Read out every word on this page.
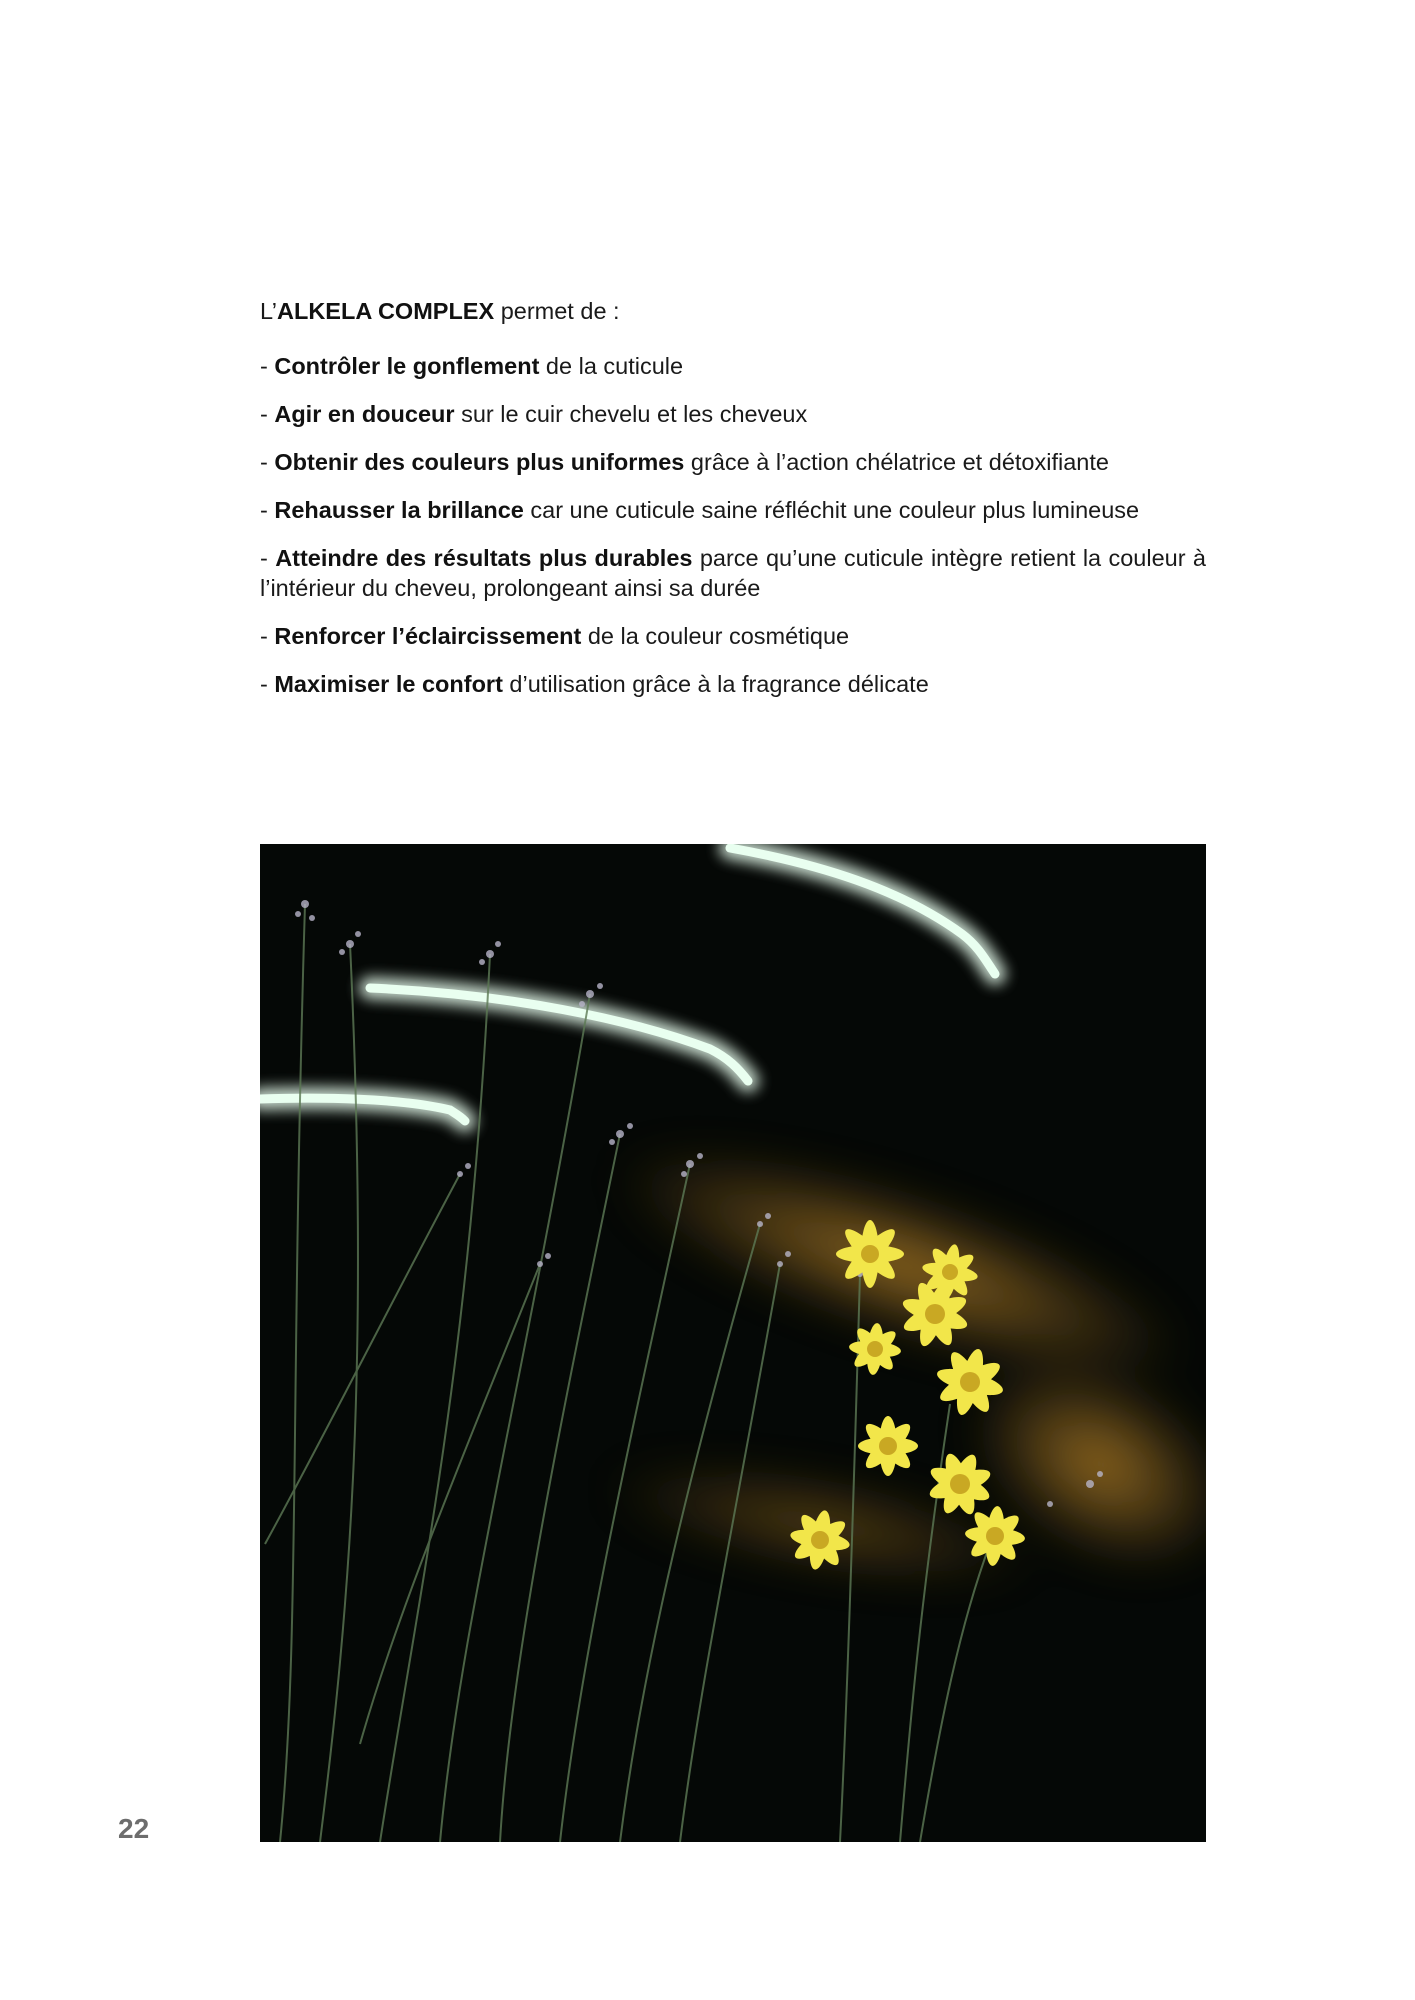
L’ALKELA COMPLEX permet de :

- Contrôler le gonflement de la cuticule
- Agir en douceur sur le cuir chevelu et les cheveux
- Obtenir des couleurs plus uniformes grâce à l’action chélatrice et détoxifiante
- Rehausser la brillance car une cuticule saine réfléchit une couleur plus lumineuse
- Atteindre des résultats plus durables parce qu’une cuticule intègre retient la couleur à l’intérieur du cheveu, prolongeant ainsi sa durée
- Renforcer l’éclaircissement de la couleur cosmétique
- Maximiser le confort d’utilisation grâce à la fragrance délicate
22
